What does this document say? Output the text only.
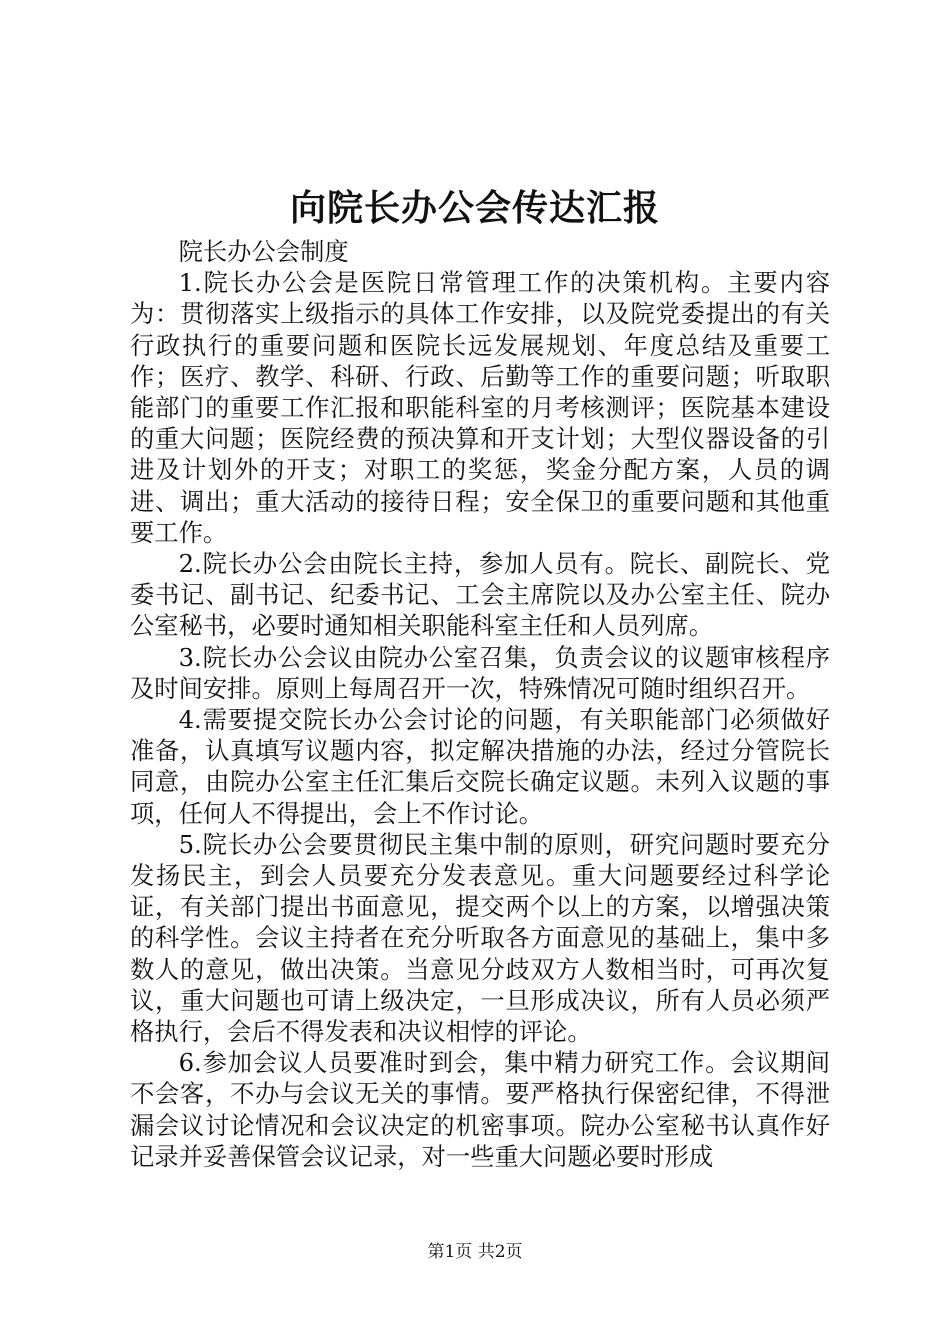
向院长办公会传达汇报

院长办公会制度

1.院长办公会是医院日常管理工作的决策机构。主要内容为：贯彻落实上级指示的具体工作安排，以及院党委提出的有关行政执行的重要问题和医院长远发展规划、年度总结及重要工作；医疗、教学、科研、行政、后勤等工作的重要问题；听取职能部门的重要工作汇报和职能科室的月考核测评；医院基本建设的重大问题；医院经费的预决算和开支计划；大型仪器设备的引进及计划外的开支；对职工的奖惩，奖金分配方案，人员的调进、调出；重大活动的接待日程；安全保卫的重要问题和其他重要工作。

2.院长办公会由院长主持，参加人员有。院长、副院长、党委书记、副书记、纪委书记、工会主席院以及办公室主任、院办公室秘书，必要时通知相关职能科室主任和人员列席。

3.院长办公会议由院办公室召集，负责会议的议题审核程序及时间安排。原则上每周召开一次，特殊情况可随时组织召开。

4.需要提交院长办公会讨论的问题，有关职能部门必须做好准备，认真填写议题内容，拟定解决措施的办法，经过分管院长同意，由院办公室主任汇集后交院长确定议题。未列入议题的事项，任何人不得提出，会上不作讨论。

5.院长办公会要贯彻民主集中制的原则，研究问题时要充分发扬民主，到会人员要充分发表意见。重大问题要经过科学论证，有关部门提出书面意见，提交两个以上的方案，以增强决策的科学性。会议主持者在充分听取各方面意见的基础上，集中多数人的意见，做出决策。当意见分歧双方人数相当时，可再次复议，重大问题也可请上级决定，一旦形成决议，所有人员必须严格执行，会后不得发表和决议相悖的评论。

6.参加会议人员要准时到会，集中精力研究工作。会议期间不会客，不办与会议无关的事情。要严格执行保密纪律，不得泄漏会议讨论情况和会议决定的机密事项。院办公室秘书认真作好记录并妥善保管会议记录，对一些重大问题必要时形成

第1页 共2页
